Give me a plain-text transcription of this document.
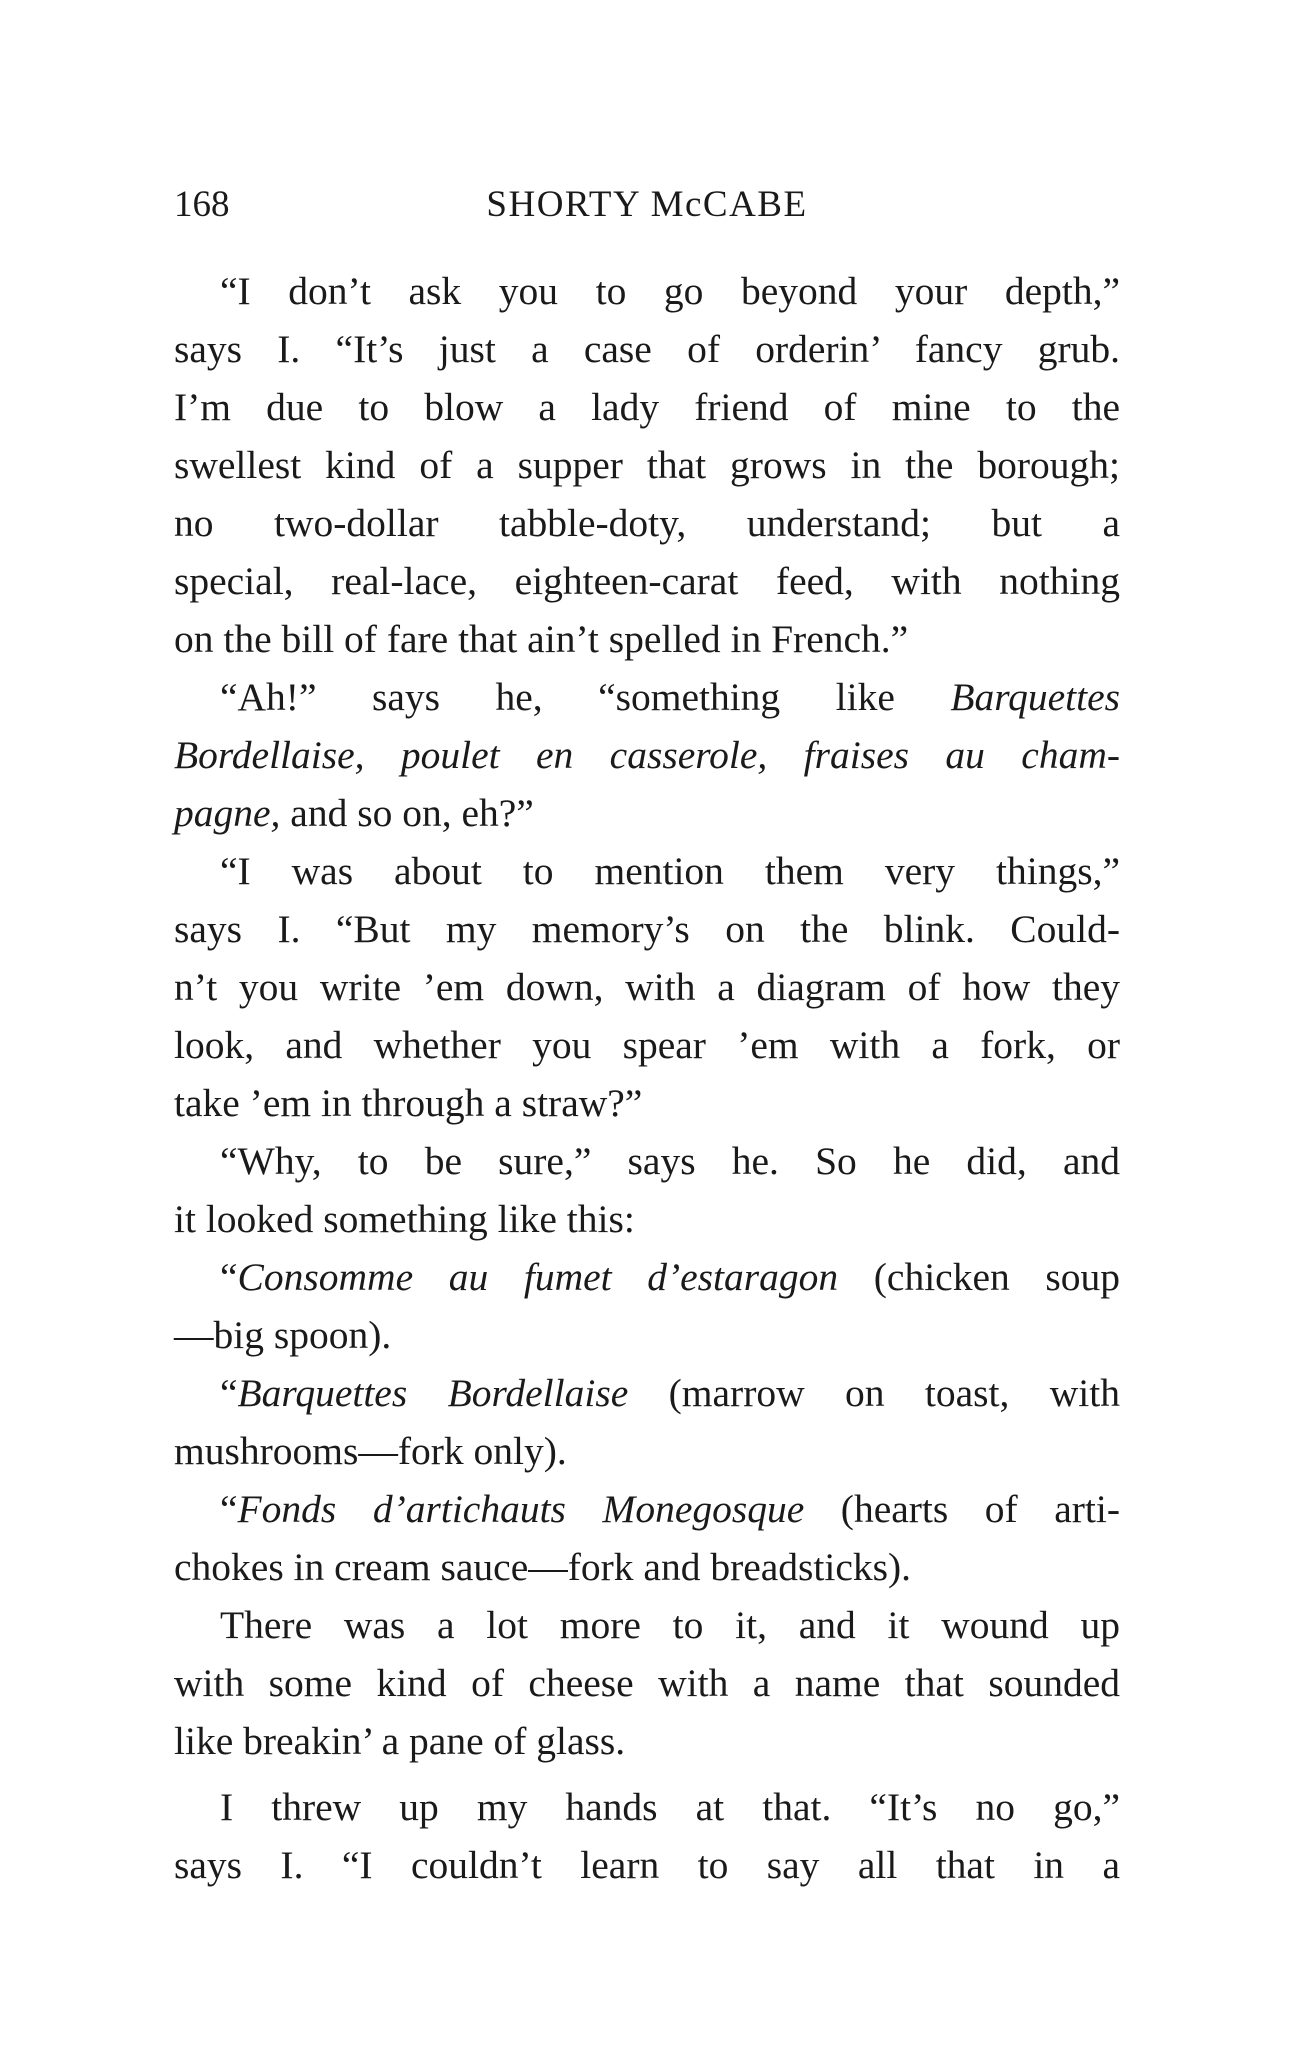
168	SHORTY McCABE
“I don’t ask you to go beyond your depth,”
says I. “It’s just a case of orderin’ fancy grub.
I’m due to blow a lady friend of mine to the
swellest kind of a supper that grows in the borough;
no two-dollar tabble-doty, understand; but a
special, real-lace, eighteen-carat feed, with nothing
on the bill of fare that ain’t spelled in French.”
“Ah!” says he, “something like Barquettes
Bordellaise, poulet en casserole, fraises au cham-
pagne, and so on, eh?”
“I was about to mention them very things,”
says I. “But my memory’s on the blink. Could-
n’t you write ’em down, with a diagram of how they
look, and whether you spear ’em with a fork, or
take ’em in through a straw?”
“Why, to be sure,” says he. So he did, and
it looked something like this:
“Consomme au fumet d’estaragon (chicken soup
—big spoon).
“Barquettes Bordellaise (marrow on toast, with
mushrooms—fork only).
“Fonds d’artichauts Monegosque (hearts of arti-
chokes in cream sauce—fork and breadsticks).
There was a lot more to it, and it wound up
with some kind of cheese with a name that sounded
like breakin’ a pane of glass.
I threw up my hands at that. “It’s no go,”
says I. “I couldn’t learn to say all that in a
